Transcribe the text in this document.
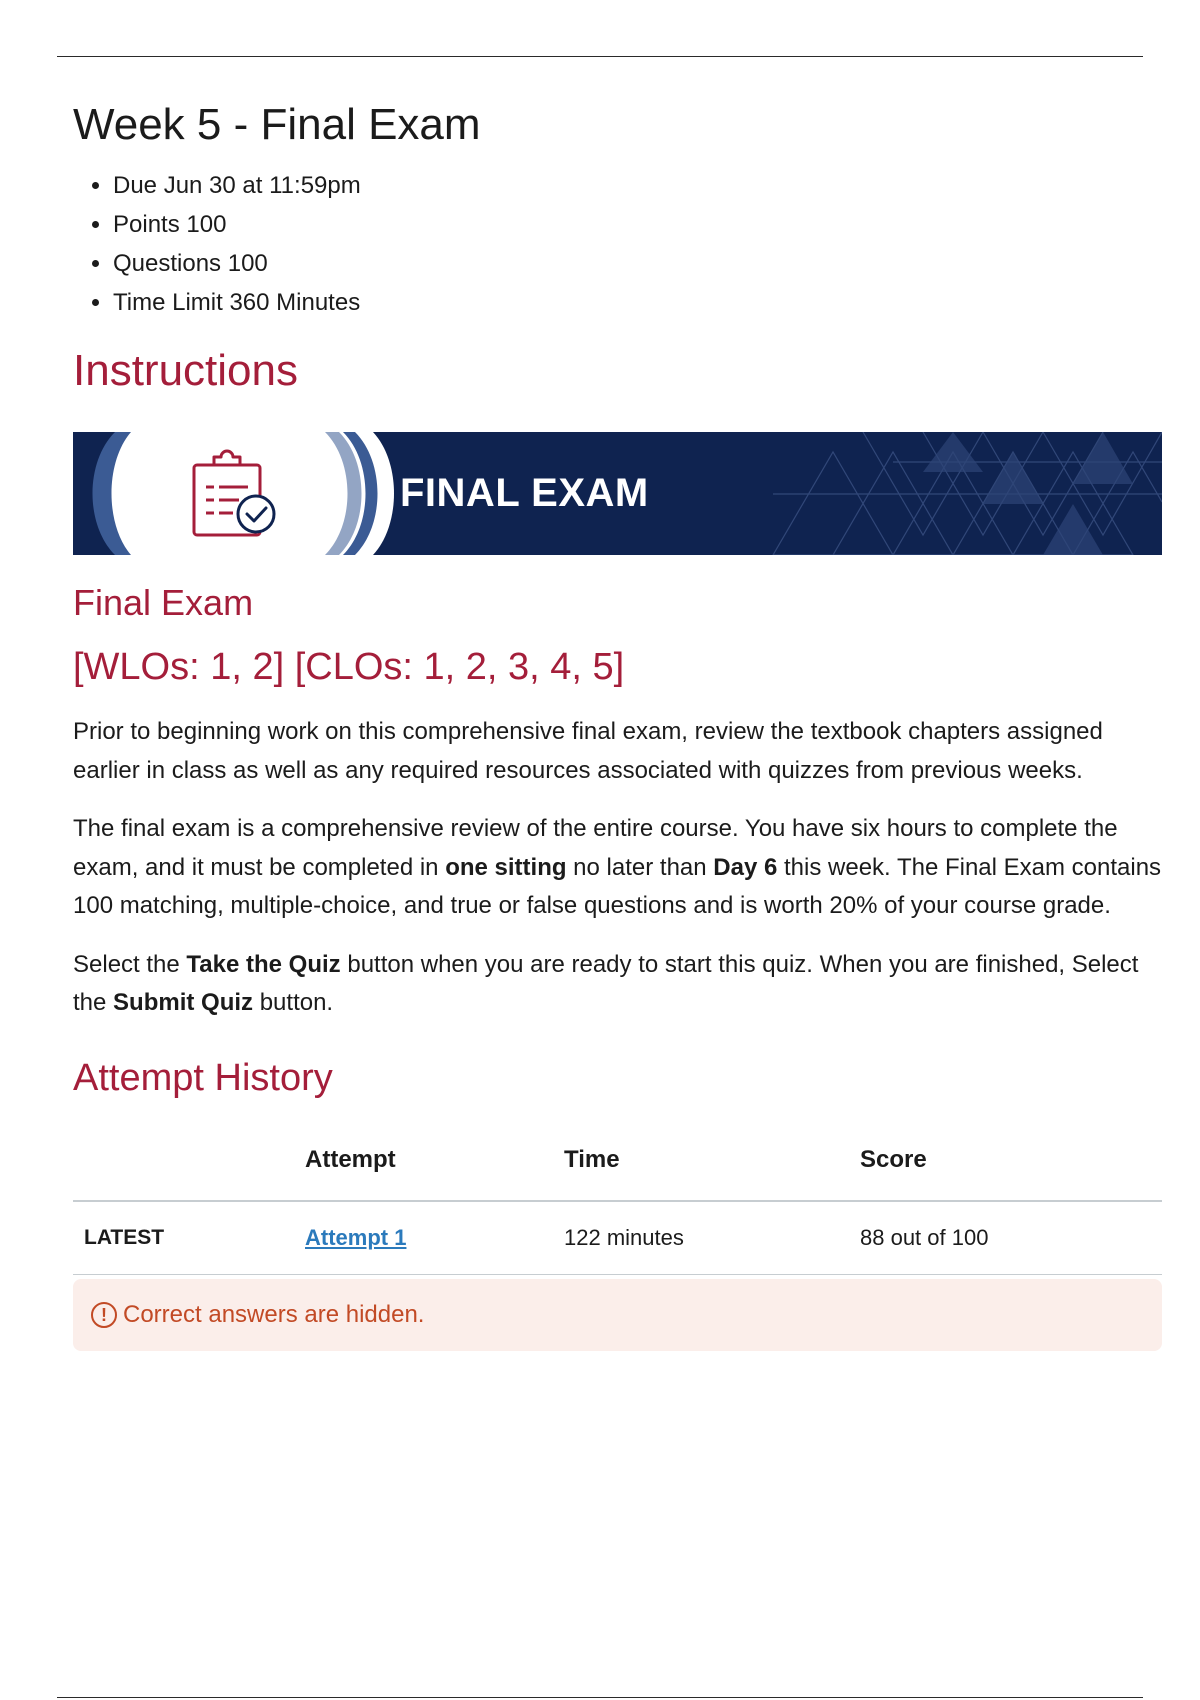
Week 5 - Final Exam
• Due Jun 30 at 11:59pm
• Points 100
• Questions 100
• Time Limit 360 Minutes
Instructions
FINAL EXAM
Final Exam
[WLOs: 1, 2] [CLOs: 1, 2, 3, 4, 5]

Prior to beginning work on this comprehensive final exam, review the textbook chapters assigned earlier in class as well as any required resources associated with quizzes from previous weeks.

The final exam is a comprehensive review of the entire course. You have six hours to complete the exam, and it must be completed in one sitting no later than Day 6 this week. The Final Exam contains 100 matching, multiple-choice, and true or false questions and is worth 20% of your course grade.

Select the Take the Quiz button when you are ready to start this quiz. When you are finished, Select the Submit Quiz button.

Attempt History
	Attempt	Time	Score
LATEST	Attempt 1	122 minutes	88 out of 100
! Correct answers are hidden.
